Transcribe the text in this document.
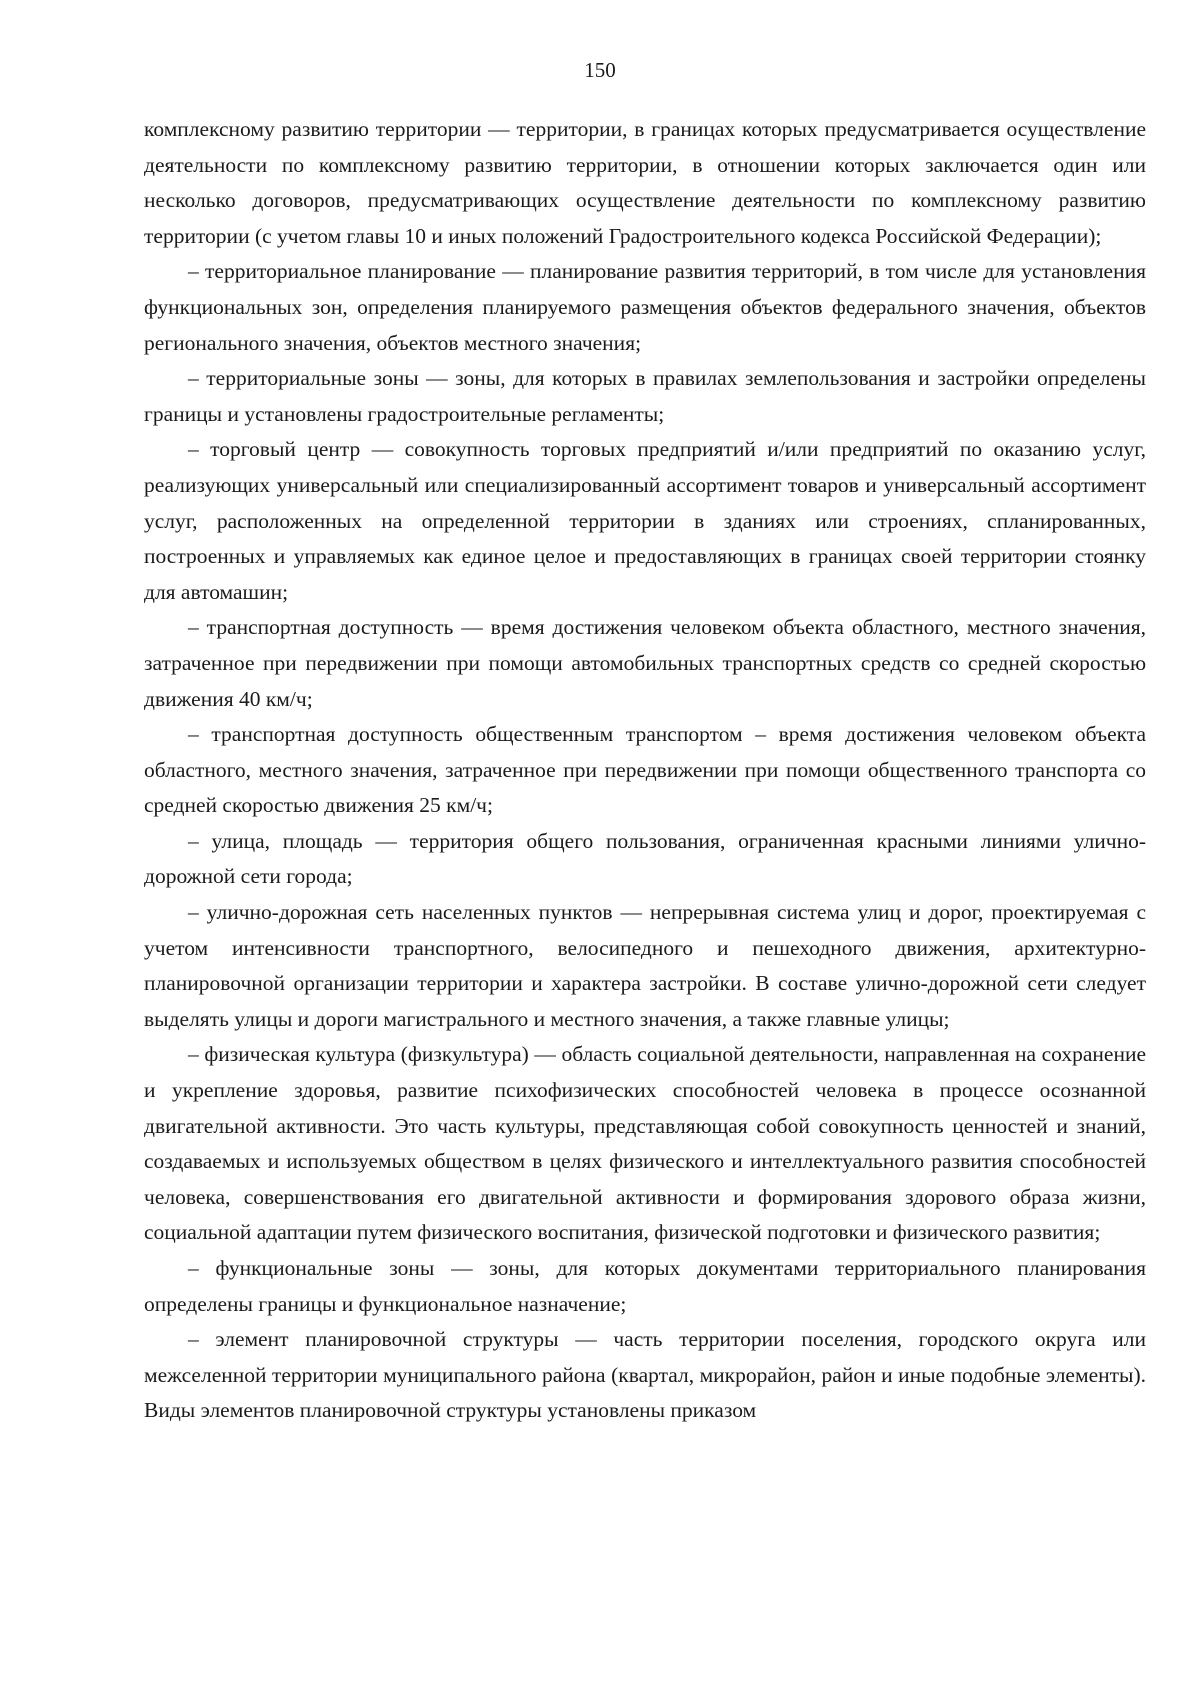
150

комплексному развитию территории — территории, в границах которых предусматривается осуществление деятельности по комплексному развитию территории, в отношении которых заключается один или несколько договоров, предусматривающих осуществление деятельности по комплексному развитию территории (с учетом главы 10 и иных положений Градостроительного кодекса Российской Федерации);

– территориальное планирование — планирование развития территорий, в том числе для установления функциональных зон, определения планируемого размещения объектов федерального значения, объектов регионального значения, объектов местного значения;

– территориальные зоны — зоны, для которых в правилах землепользования и застройки определены границы и установлены градостроительные регламенты;

– торговый центр — совокупность торговых предприятий и/или предприятий по оказанию услуг, реализующих универсальный или специализированный ассортимент товаров и универсальный ассортимент услуг, расположенных на определенной территории в зданиях или строениях, спланированных, построенных и управляемых как единое целое и предоставляющих в границах своей территории стоянку для автомашин;

– транспортная доступность — время достижения человеком объекта областного, местного значения, затраченное при передвижении при помощи автомобильных транспортных средств со средней скоростью движения 40 км/ч;

– транспортная доступность общественным транспортом – время достижения человеком объекта областного, местного значения, затраченное при передвижении при помощи общественного транспорта со средней скоростью движения 25 км/ч;

– улица, площадь — территория общего пользования, ограниченная красными линиями улично-дорожной сети города;

– улично-дорожная сеть населенных пунктов — непрерывная система улиц и дорог, проектируемая с учетом интенсивности транспортного, велосипедного и пешеходного движения, архитектурно-планировочной организации территории и характера застройки. В составе улично-дорожной сети следует выделять улицы и дороги магистрального и местного значения, а также главные улицы;

– физическая культура (физкультура) — область социальной деятельности, направленная на сохранение и укрепление здоровья, развитие психофизических способностей человека в процессе осознанной двигательной активности. Это часть культуры, представляющая собой совокупность ценностей и знаний, создаваемых и используемых обществом в целях физического и интеллектуального развития способностей человека, совершенствования его двигательной активности и формирования здорового образа жизни, социальной адаптации путем физического воспитания, физической подготовки и физического развития;

– функциональные зоны — зоны, для которых документами территориального планирования определены границы и функциональное назначение;

– элемент планировочной структуры — часть территории поселения, городского округа или межселенной территории муниципального района (квартал, микрорайон, район и иные подобные элементы). Виды элементов планировочной структуры установлены приказом
